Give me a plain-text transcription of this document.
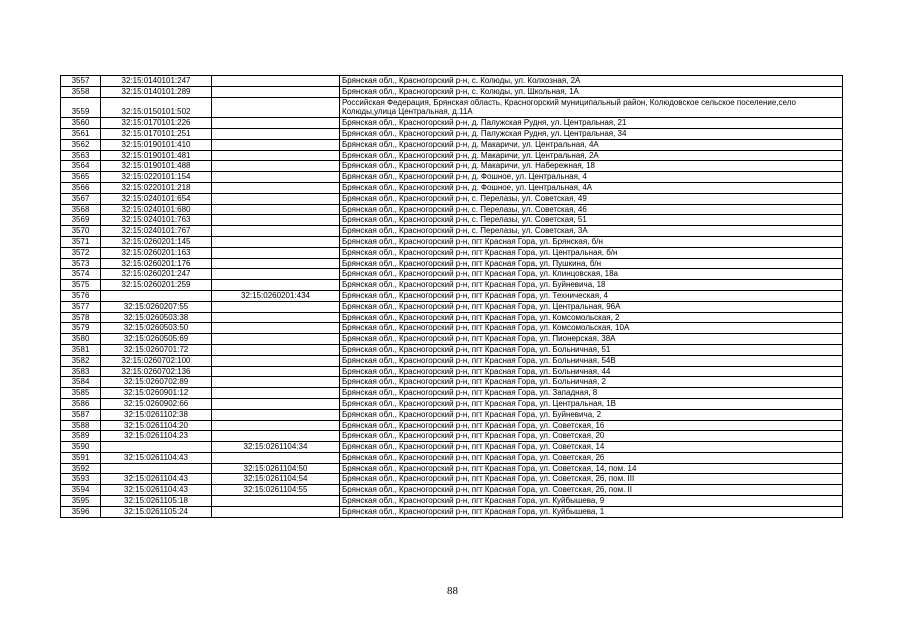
3557	32:15:0140101:247		Брянская обл., Красногорский р-н, с. Колюды, ул. Колхозная, 2А
3558	32:15:0140101:289		Брянская обл., Красногорский р-н, с. Колюды, ул. Школьная, 1А
3559	32:15:0150101:502		Российская Федерация, Брянская область, Красногорский муниципальный район, Колюдовское сельское поселение,село Колюды,улица Центральная, д.11А
3560	32:15:0170101:226		Брянская обл., Красногорский р-н, д. Палужская Рудня, ул. Центральная, 21
3561	32:15:0170101:251		Брянская обл., Красногорский р-н, д. Палужская Рудня, ул. Центральная, 34
3562	32:15:0190101:410		Брянская обл., Красногорский р-н, д. Макаричи, ул. Центральная, 4А
3563	32:15:0190101:481		Брянская обл., Красногорский р-н, д. Макаричи, ул. Центральная, 2А
3564	32:15:0190101:488		Брянская обл., Красногорский р-н, д. Макаричи, ул. Набережная, 18
3565	32:15:0220101:154		Брянская обл., Красногорский р-н, д. Фошное, ул. Центральная, 4
3566	32:15:0220101:218		Брянская обл., Красногорский р-н, д. Фошное, ул. Центральная, 4А
3567	32:15:0240101:654		Брянская обл., Красногорский р-н, с. Перелазы, ул. Советская, 49
3568	32:15:0240101:680		Брянская обл., Красногорский р-н, с. Перелазы, ул. Советская, 46
3569	32:15:0240101:763		Брянская обл., Красногорский р-н, с. Перелазы, ул. Советская, 51
3570	32:15:0240101:767		Брянская обл., Красногорский р-н, с. Перелазы, ул. Советская, 3А
3571	32:15:0260201:145		Брянская обл., Красногорский р-н, пгт Красная Гора, ул. Брянская, б/н
3572	32:15:0260201:163		Брянская обл., Красногорский р-н, пгт Красная Гора, ул. Центральная, б/н
3573	32:15:0260201:176		Брянская обл., Красногорский р-н, пгт Красная Гора, ул. Пушкина, б/н
3574	32:15:0260201:247		Брянская обл., Красногорский р-н, пгт Красная Гора, ул. Клинцовская, 18а
3575	32:15:0260201:259		Брянская обл., Красногорский р-н, пгт Красная Гора, ул. Буйневича, 18
3576		32:15:0260201:434	Брянская обл., Красногорский р-н, пгт Красная Гора, ул. Техническая, 4
3577	32:15:0260207:55		Брянская обл., Красногорский р-н, пгт Красная Гора, ул. Центральная, 96А
3578	32:15:0260503:38		Брянская обл., Красногорский р-н, пгт Красная Гора, ул. Комсомольская, 2
3579	32:15:0260503:50		Брянская обл., Красногорский р-н, пгт Красная Гора, ул. Комсомольская, 10А
3580	32:15:0260505:69		Брянская обл., Красногорский р-н, пгт Красная Гора, ул. Пионерская, 38А
3581	32:15:0260701:72		Брянская обл., Красногорский р-н, пгт Красная Гора, ул. Больничная, 51
3582	32:15:0260702:100		Брянская обл., Красногорский р-н, пгт Красная Гора, ул. Больничная, 54В
3583	32:15:0260702:136		Брянская обл., Красногорский р-н, пгт Красная Гора, ул. Больничная, 44
3584	32:15:0260702:89		Брянская обл., Красногорский р-н, пгт Красная Гора, ул. Больничная, 2
3585	32:15:0260901:12		Брянская обл., Красногорский р-н, пгт Красная Гора, ул. Западная, 8
3586	32:15:0260902:66		Брянская обл., Красногорский р-н, пгт Красная Гора, ул. Центральная, 1В
3587	32:15:0261102:38		Брянская обл., Красногорский р-н, пгт Красная Гора, ул. Буйневича, 2
3588	32:15:0261104:20		Брянская обл., Красногорский р-н, пгт Красная Гора, ул. Советская, 16
3589	32:15:0261104:23		Брянская обл., Красногорский р-н, пгт Красная Гора, ул. Советская, 20
3590		32:15:0261104:34	Брянская обл., Красногорский р-н, пгт Красная Гора, ул. Советская, 14
3591	32:15:0261104:43		Брянская обл., Красногорский р-н, пгт Красная Гора, ул. Советская, 26
3592		32:15:0261104:50	Брянская обл., Красногорский р-н, пгт Красная Гора, ул. Советская, 14, пом. 14
3593	32:15:0261104:43	32:15:0261104:54	Брянская обл., Красногорский р-н, пгт Красная Гора, ул. Советская, 26, пом. III
3594	32:15:0261104:43	32:15:0261104:55	Брянская обл., Красногорский р-н, пгт Красная Гора, ул. Советская, 26, пом. II
3595	32:15:0261105:18		Брянская обл., Красногорский р-н, пгт Красная Гора, ул. Куйбышева, 9
3596	32:15:0261105:24		Брянская обл., Красногорский р-н, пгт Красная Гора, ул. Куйбышева, 1
88
